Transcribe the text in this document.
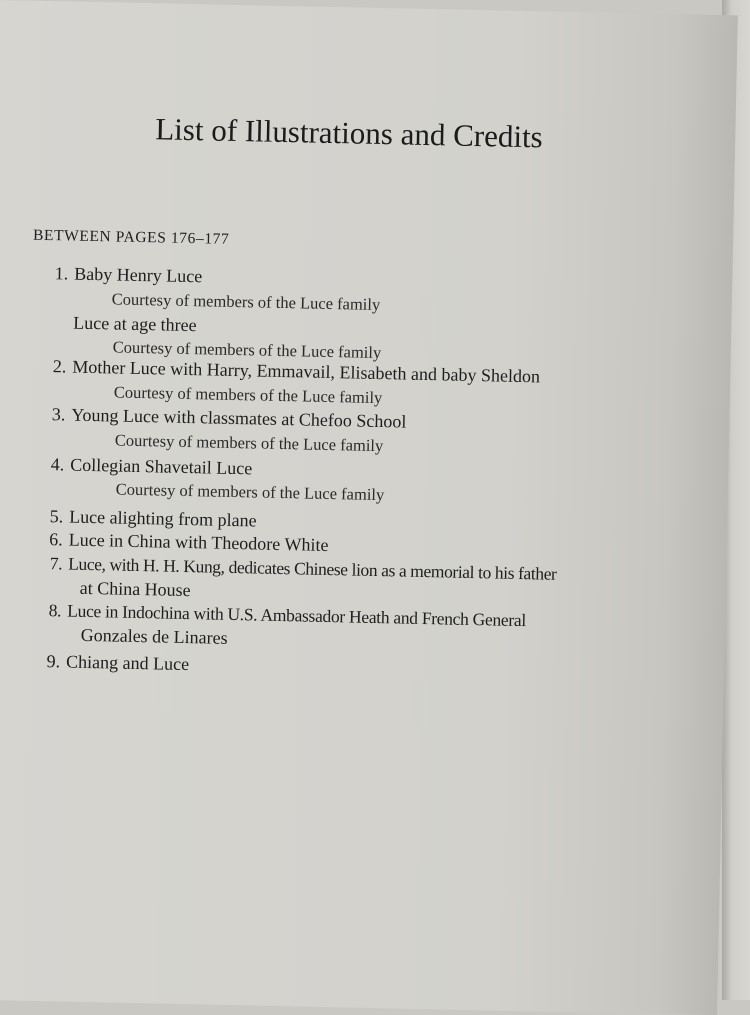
List of Illustrations and Credits
BETWEEN PAGES 176–177
1. Baby Henry Luce
Courtesy of members of the Luce family
Luce at age three
Courtesy of members of the Luce family
2. Mother Luce with Harry, Emmavail, Elisabeth and baby Sheldon
Courtesy of members of the Luce family
3. Young Luce with classmates at Chefoo School
Courtesy of members of the Luce family
4. Collegian Shavetail Luce
Courtesy of members of the Luce family
5. Luce alighting from plane
6. Luce in China with Theodore White
7. Luce, with H. H. Kung, dedicates Chinese lion as a memorial to his father
at China House
8. Luce in Indochina with U.S. Ambassador Heath and French General
Gonzales de Linares
9. Chiang and Luce
